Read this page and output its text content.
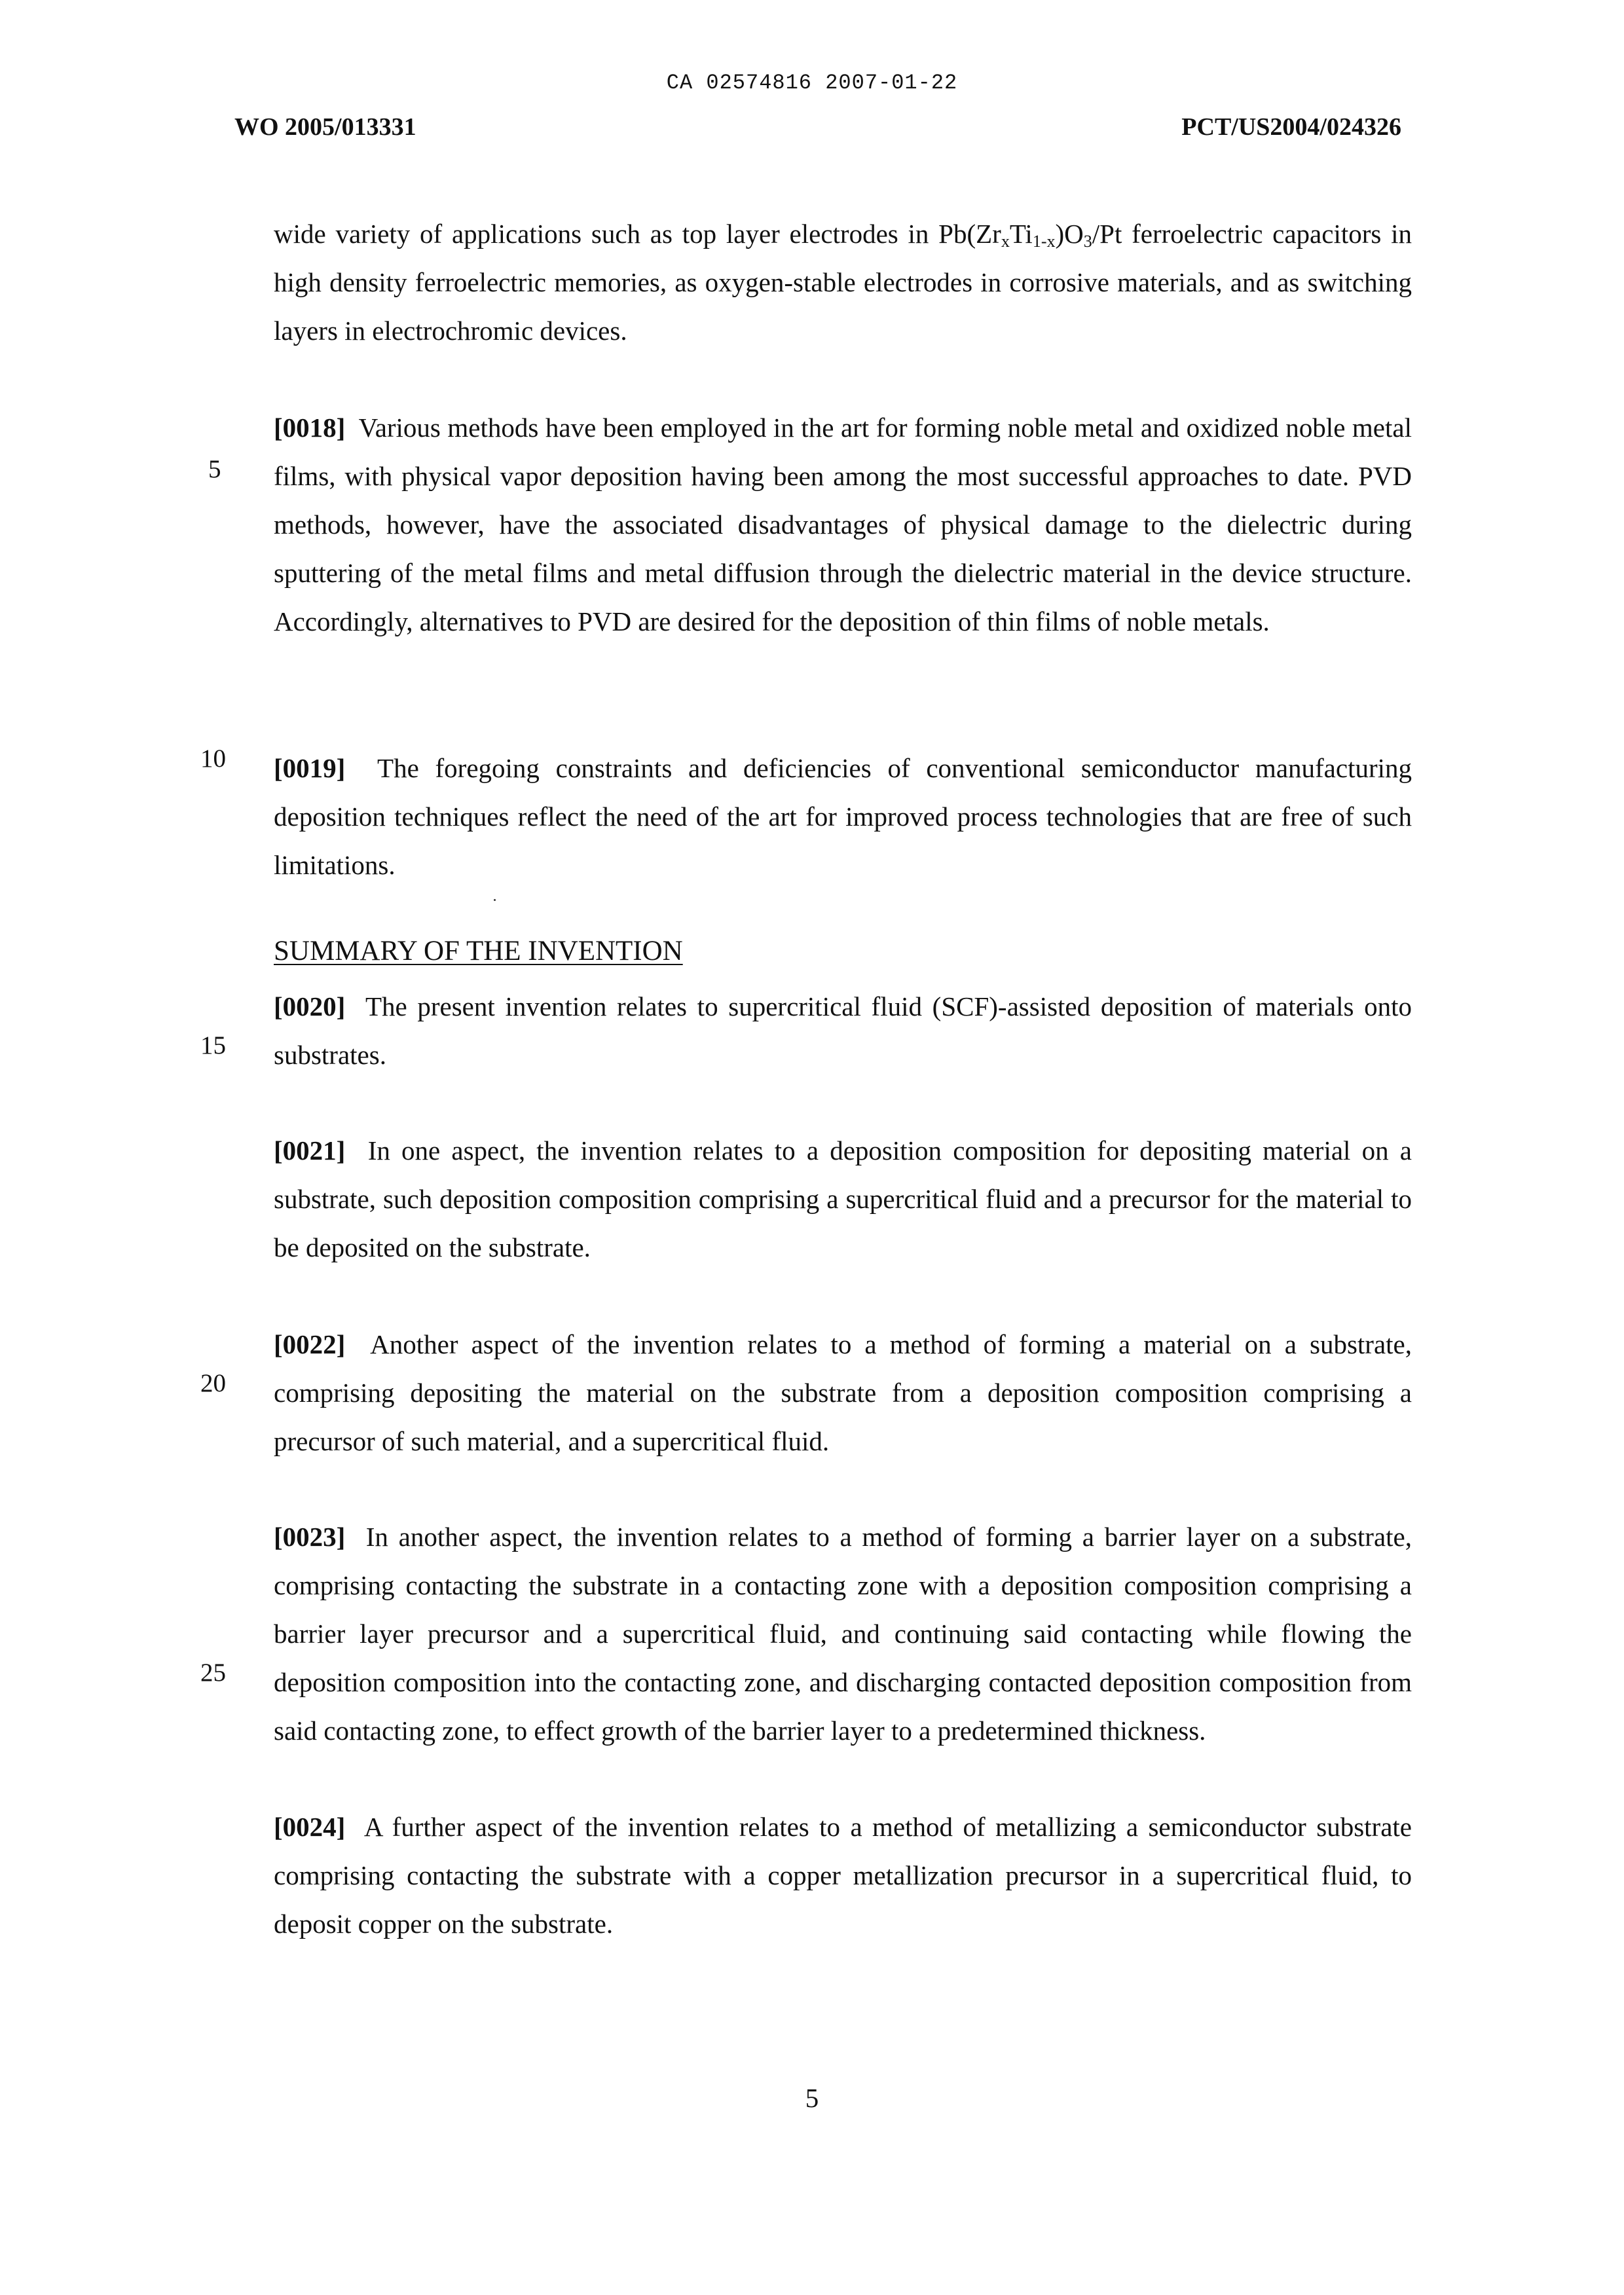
CA 02574816 2007-01-22
WO 2005/013331	PCT/US2004/024326

wide variety of applications such as top layer electrodes in $Pb(Zr_xTi_{1-x})O_3/Pt$ ferroelectric capacitors in high density ferroelectric memories, as oxygen-stable electrodes in corrosive materials, and as switching layers in electrochromic devices.

[0018] Various methods have been employed in the art for forming noble metal and oxidized noble metal films, with physical vapor deposition having been among the most successful approaches to date. PVD methods, however, have the associated disadvantages of physical damage to the dielectric during sputtering of the metal films and metal diffusion through the dielectric material in the device structure. Accordingly, alternatives to PVD are desired for the deposition of thin films of noble metals.

[0019] The foregoing constraints and deficiencies of conventional semiconductor manufacturing deposition techniques reflect the need of the art for improved process technologies that are free of such limitations.

SUMMARY OF THE INVENTION

[0020] The present invention relates to supercritical fluid (SCF)-assisted deposition of materials onto substrates.

[0021] In one aspect, the invention relates to a deposition composition for depositing material on a substrate, such deposition composition comprising a supercritical fluid and a precursor for the material to be deposited on the substrate.

[0022] Another aspect of the invention relates to a method of forming a material on a substrate, comprising depositing the material on the substrate from a deposition composition comprising a precursor of such material, and a supercritical fluid.

[0023] In another aspect, the invention relates to a method of forming a barrier layer on a substrate, comprising contacting the substrate in a contacting zone with a deposition composition comprising a barrier layer precursor and a supercritical fluid, and continuing said contacting while flowing the deposition composition into the contacting zone, and discharging contacted deposition composition from said contacting zone, to effect growth of the barrier layer to a predetermined thickness.

[0024] A further aspect of the invention relates to a method of metallizing a semiconductor substrate comprising contacting the substrate with a copper metallization precursor in a supercritical fluid, to deposit copper on the substrate.

5
10
15
20
25
5
